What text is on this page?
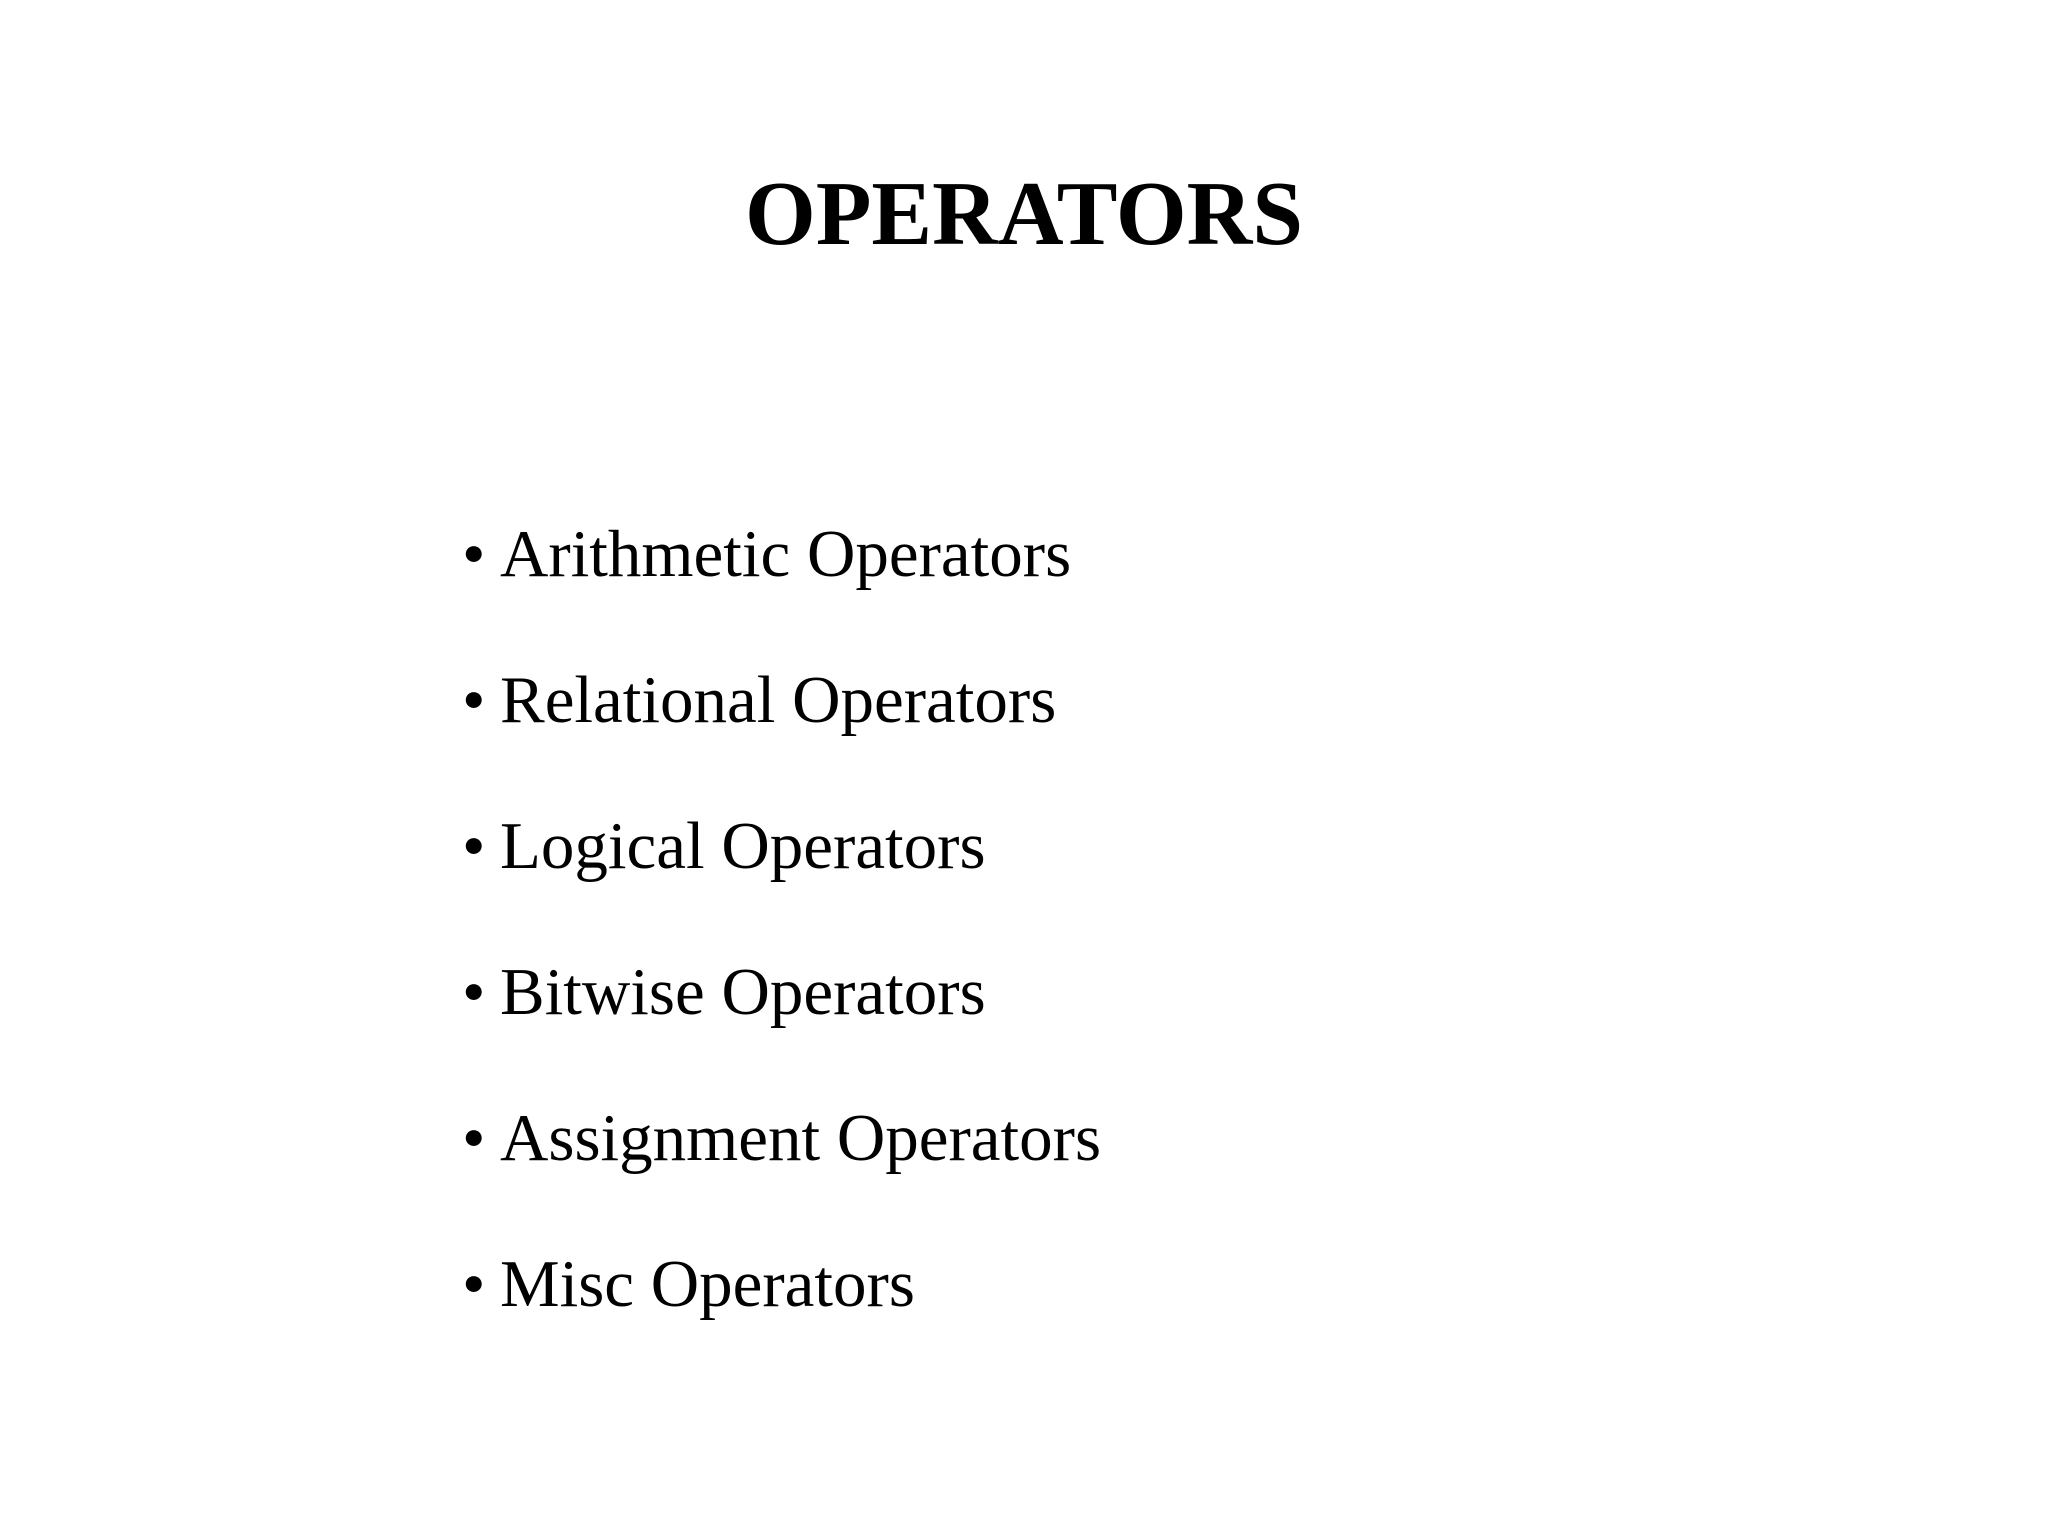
OPERATORS
• Arithmetic Operators
• Relational Operators
• Logical Operators
• Bitwise Operators
• Assignment Operators
• Misc Operators
